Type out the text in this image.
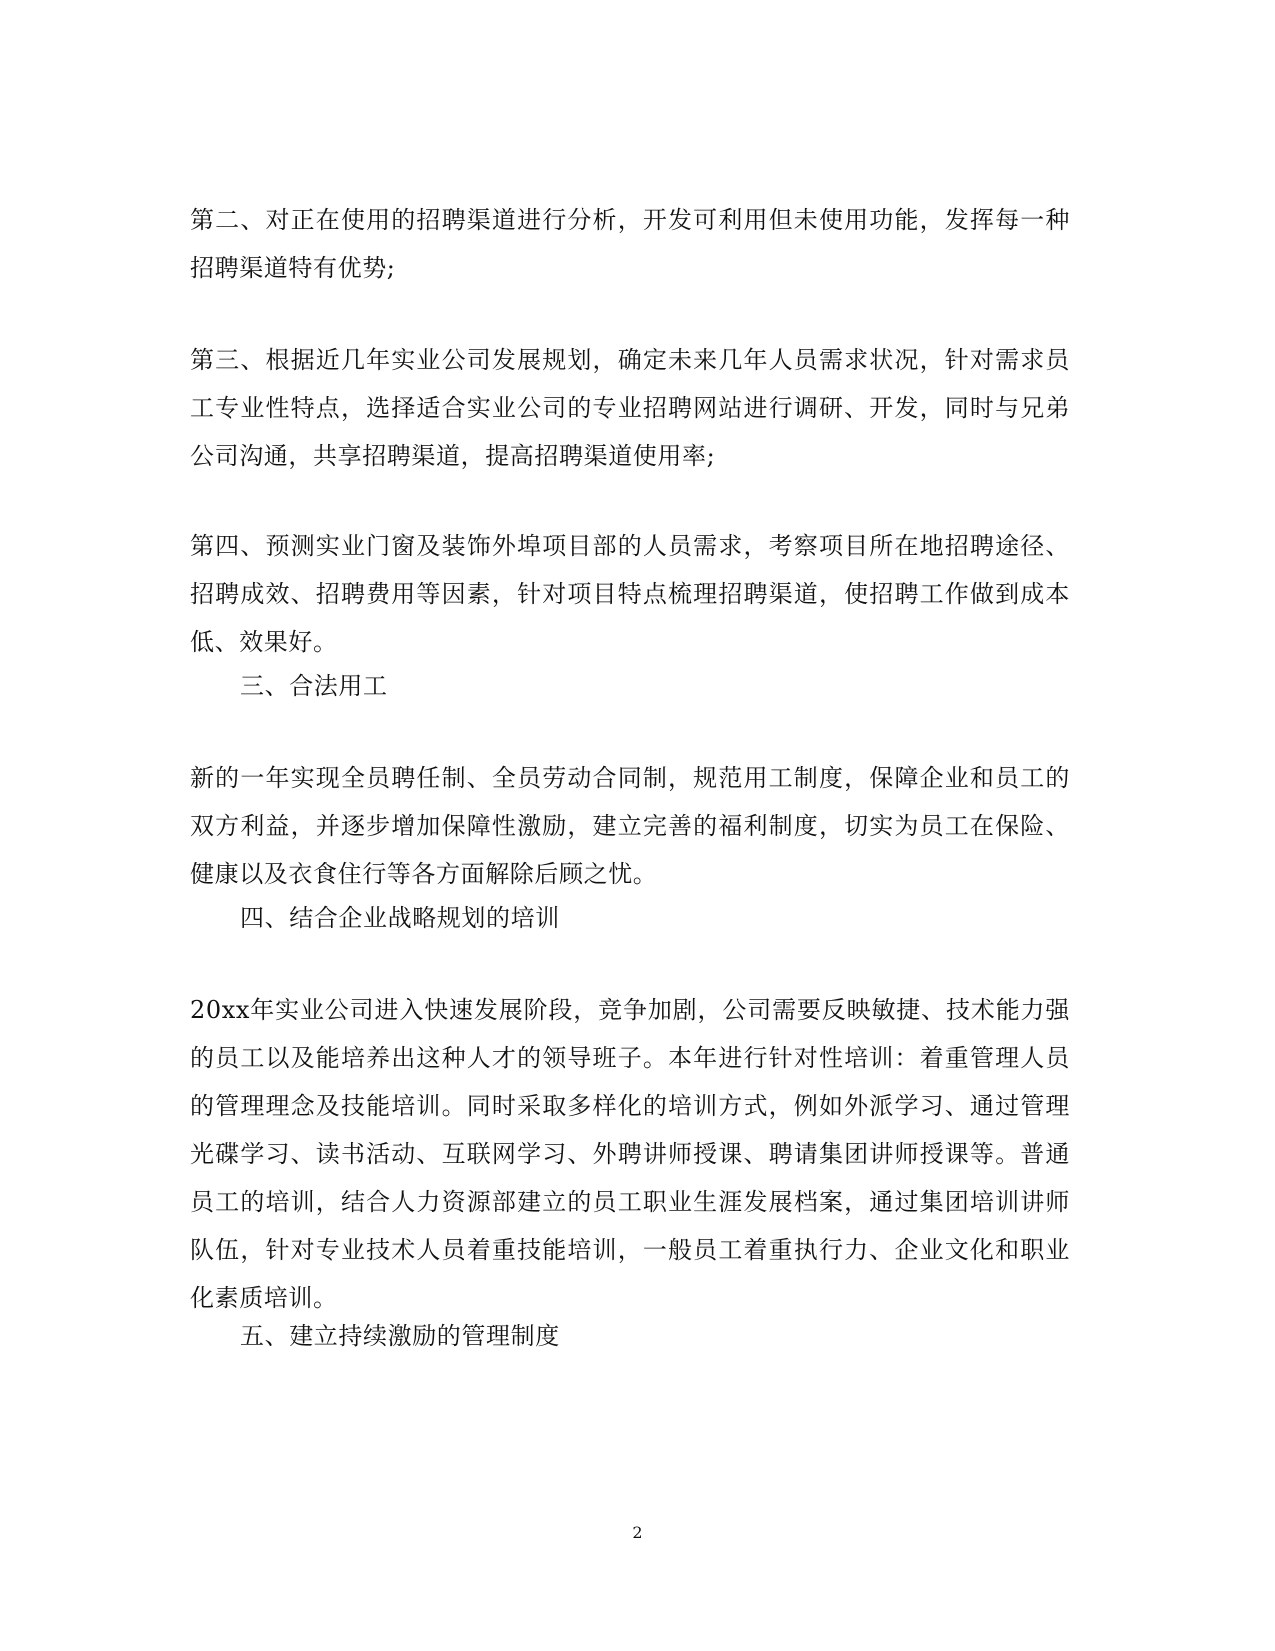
第二、对正在使用的招聘渠道进行分析，开发可利用但未使用功能，发挥每一种招聘渠道特有优势;

第三、根据近几年实业公司发展规划，确定未来几年人员需求状况，针对需求员工专业性特点，选择适合实业公司的专业招聘网站进行调研、开发，同时与兄弟公司沟通，共享招聘渠道，提高招聘渠道使用率;

第四、预测实业门窗及装饰外埠项目部的人员需求，考察项目所在地招聘途径、招聘成效、招聘费用等因素，针对项目特点梳理招聘渠道，使招聘工作做到成本低、效果好。

三、合法用工

新的一年实现全员聘任制、全员劳动合同制，规范用工制度，保障企业和员工的双方利益，并逐步增加保障性激励，建立完善的福利制度，切实为员工在保险、健康以及衣食住行等各方面解除后顾之忧。

四、结合企业战略规划的培训

20xx年实业公司进入快速发展阶段，竞争加剧，公司需要反映敏捷、技术能力强的员工以及能培养出这种人才的领导班子。本年进行针对性培训：着重管理人员的管理理念及技能培训。同时采取多样化的培训方式，例如外派学习、通过管理光碟学习、读书活动、互联网学习、外聘讲师授课、聘请集团讲师授课等。普通员工的培训，结合人力资源部建立的员工职业生涯发展档案，通过集团培训讲师队伍，针对专业技术人员着重技能培训，一般员工着重执行力、企业文化和职业化素质培训。

五、建立持续激励的管理制度

2
